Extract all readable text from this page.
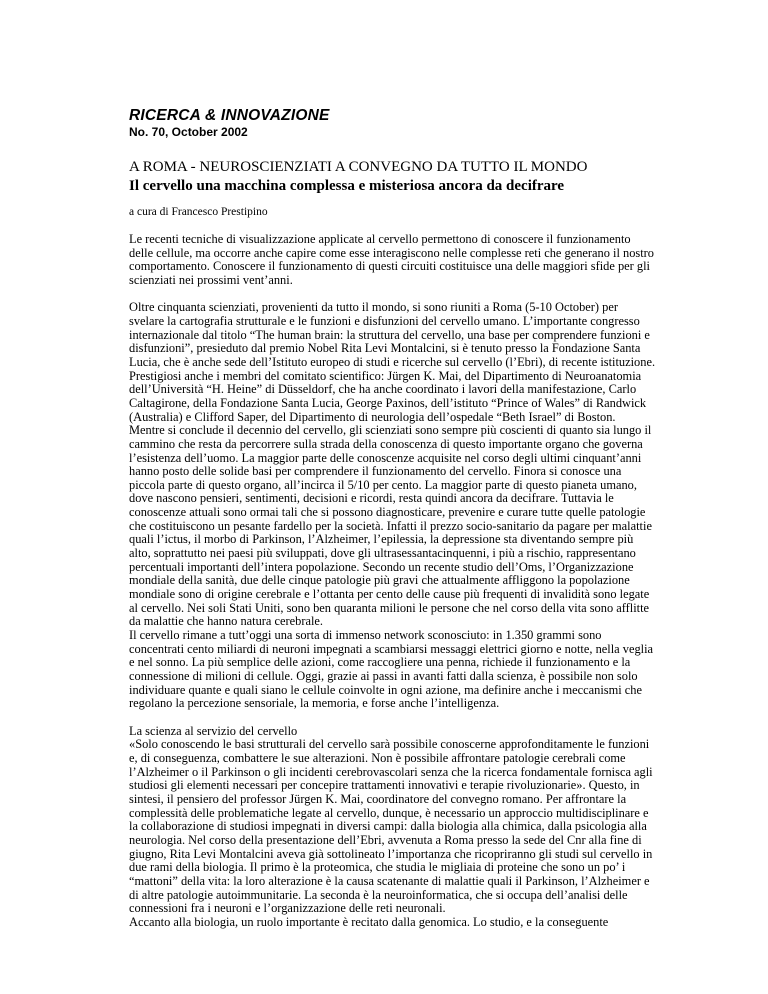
RICERCA & INNOVAZIONE
No. 70, October 2002
A ROMA - NEUROSCIENZIATI A CONVEGNO DA TUTTO IL MONDO
Il cervello una macchina complessa e misteriosa ancora da decifrare
a cura di Francesco Prestipino
Le recenti tecniche di visualizzazione applicate al cervello permettono di conoscere il funzionamento
delle cellule, ma occorre anche capire come esse interagiscono nelle complesse reti che generano il nostro
comportamento. Conoscere il funzionamento di questi circuiti costituisce una delle maggiori sfide per gli
scienziati nei prossimi vent’anni.
Oltre cinquanta scienziati, provenienti da tutto il mondo, si sono riuniti a Roma (5-10 October) per
svelare la cartografia strutturale e le funzioni e disfunzioni del cervello umano. L’importante congresso
internazionale dal titolo “The human brain: la struttura del cervello, una base per comprendere funzioni e
disfunzioni”, presieduto dal premio Nobel Rita Levi Montalcini, si è tenuto presso la Fondazione Santa
Lucia, che è anche sede dell’Istituto europeo di studi e ricerche sul cervello (l’Ebri), di recente istituzione.
Prestigiosi anche i membri del comitato scientifico: Jürgen K. Mai, del Dipartimento di Neuroanatomia
dell’Università “H. Heine” di Düsseldorf, che ha anche coordinato i lavori della manifestazione, Carlo
Caltagirone, della Fondazione Santa Lucia, George Paxinos, dell’istituto “Prince of Wales” di Randwick
(Australia) e Clifford Saper, del Dipartimento di neurologia dell’ospedale “Beth Israel” di Boston.
Mentre si conclude il decennio del cervello, gli scienziati sono sempre più coscienti di quanto sia lungo il
cammino che resta da percorrere sulla strada della conoscenza di questo importante organo che governa
l’esistenza dell’uomo. La maggior parte delle conoscenze acquisite nel corso degli ultimi cinquant’anni
hanno posto delle solide basi per comprendere il funzionamento del cervello. Finora si conosce una
piccola parte di questo organo, all’incirca il 5/10 per cento. La maggior parte di questo pianeta umano,
dove nascono pensieri, sentimenti, decisioni e ricordi, resta quindi ancora da decifrare. Tuttavia le
conoscenze attuali sono ormai tali che si possono diagnosticare, prevenire e curare tutte quelle patologie
che costituiscono un pesante fardello per la società. Infatti il prezzo socio-sanitario da pagare per malattie
quali l’ictus, il morbo di Parkinson, l’Alzheimer, l’epilessia, la depressione sta diventando sempre più
alto, soprattutto nei paesi più sviluppati, dove gli ultrasessantacinquenni, i più a rischio, rappresentano
percentuali importanti dell’intera popolazione. Secondo un recente studio dell’Oms, l’Organizzazione
mondiale della sanità, due delle cinque patologie più gravi che attualmente affliggono la popolazione
mondiale sono di origine cerebrale e l’ottanta per cento delle cause più frequenti di invalidità sono legate
al cervello. Nei soli Stati Uniti, sono ben quaranta milioni le persone che nel corso della vita sono afflitte
da malattie che hanno natura cerebrale.
Il cervello rimane a tutt’oggi una sorta di immenso network sconosciuto: in 1.350 grammi sono
concentrati cento miliardi di neuroni impegnati a scambiarsi messaggi elettrici giorno e notte, nella veglia
e nel sonno. La più semplice delle azioni, come raccogliere una penna, richiede il funzionamento e la
connessione di milioni di cellule. Oggi, grazie ai passi in avanti fatti dalla scienza, è possibile non solo
individuare quante e quali siano le cellule coinvolte in ogni azione, ma definire anche i meccanismi che
regolano la percezione sensoriale, la memoria, e forse anche l’intelligenza.
La scienza al servizio del cervello
«Solo conoscendo le basi strutturali del cervello sarà possibile conoscerne approfonditamente le funzioni
e, di conseguenza, combattere le sue alterazioni. Non è possibile affrontare patologie cerebrali come
l’Alzheimer o il Parkinson o gli incidenti cerebrovascolari senza che la ricerca fondamentale fornisca agli
studiosi gli elementi necessari per concepire trattamenti innovativi e terapie rivoluzionarie». Questo, in
sintesi, il pensiero del professor Jürgen K. Mai, coordinatore del convegno romano. Per affrontare la
complessità delle problematiche legate al cervello, dunque, è necessario un approccio multidisciplinare e
la collaborazione di studiosi impegnati in diversi campi: dalla biologia alla chimica, dalla psicologia alla
neurologia. Nel corso della presentazione dell’Ebri, avvenuta a Roma presso la sede del Cnr alla fine di
giugno, Rita Levi Montalcini aveva già sottolineato l’importanza che ricopriranno gli studi sul cervello in
due rami della biologia. Il primo è la proteomica, che studia le migliaia di proteine che sono un po’ i
“mattoni” della vita: la loro alterazione è la causa scatenante di malattie quali il Parkinson, l’Alzheimer e
di altre patologie autoimmunitarie. La seconda è la neuroinformatica, che si occupa dell’analisi delle
connessioni fra i neuroni e l’organizzazione delle reti neuronali.
Accanto alla biologia, un ruolo importante è recitato dalla genomica. Lo studio, e la conseguente
